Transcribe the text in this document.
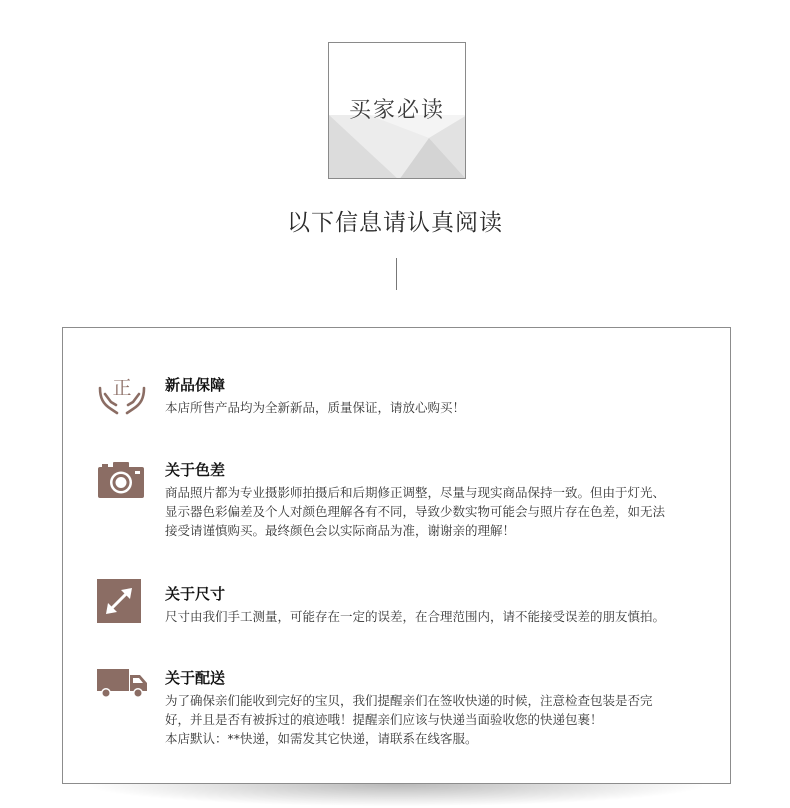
买家必读
以下信息请认真阅读
正 新品保障
本店所售产品均为全新新品，质量保证，请放心购买！
关于色差
商品照片都为专业摄影师拍摄后和后期修正调整，尽量与现实商品保持一致。但由于灯光、
显示器色彩偏差及个人对颜色理解各有不同，导致少数实物可能会与照片存在色差，如无法
接受请谨慎购买。最终颜色会以实际商品为准，谢谢亲的理解！
关于尺寸
尺寸由我们手工测量，可能存在一定的误差，在合理范围内，请不能接受误差的朋友慎拍。
关于配送
为了确保亲们能收到完好的宝贝，我们提醒亲们在签收快递的时候，注意检查包装是否完
好，并且是否有被拆过的痕迹哦！提醒亲们应该与快递当面验收您的快递包裹！
本店默认：**快递，如需发其它快递，请联系在线客服。
